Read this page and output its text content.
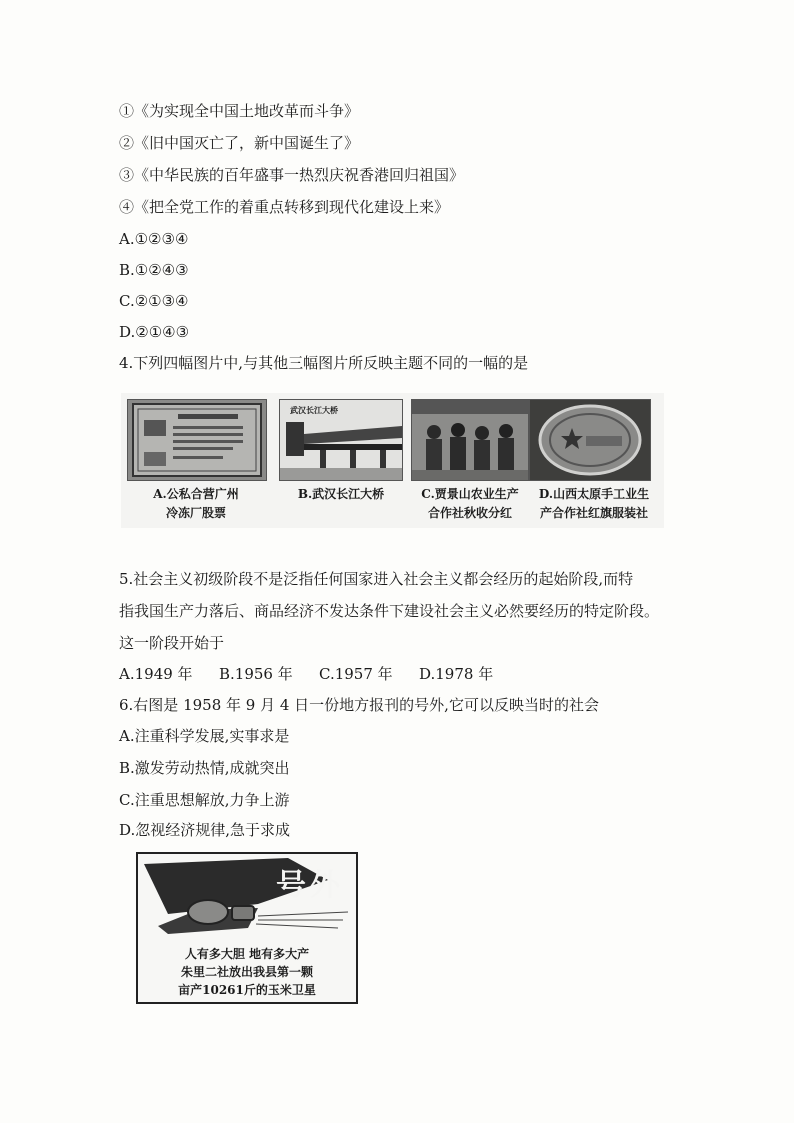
①《为实现全中国土地改革而斗争》
②《旧中国灭亡了，新中国诞生了》
③《中华民族的百年盛事一热烈庆祝香港回归祖国》
④《把全党工作的着重点转移到现代化建设上来》
A.①②③④
B.①②④③
C.②①③④
D.②①④③
4.下列四幅图片中,与其他三幅图片所反映主题不同的一幅的是
武汉长江大桥
A.公私合营广州
冷冻厂股票
B.武汉长江大桥	C.贾景山农业生产
合作社秋收分红
D.山西太原手工业生
产合作社红旗服装社
5.社会主义初级阶段不是泛指任何国家进入社会主义都会经历的起始阶段,而特
指我国生产力落后、商品经济不发达条件下建设社会主义必然要经历的特定阶段。
这一阶段开始于
A.1949 年 B.1956 年 C.1957 年 D.1978 年
6.右图是 1958 年 9 月 4 日一份地方报刊的号外,它可以反映当时的社会
A.注重科学发展,实事求是
B.激发劳动热情,成就突出
C.注重思想解放,力争上游
D.忽视经济规律,急于求成
号外
人有多大胆 地有多大产
朱里二社放出我县第一颗
亩产10261斤的玉米卫星
